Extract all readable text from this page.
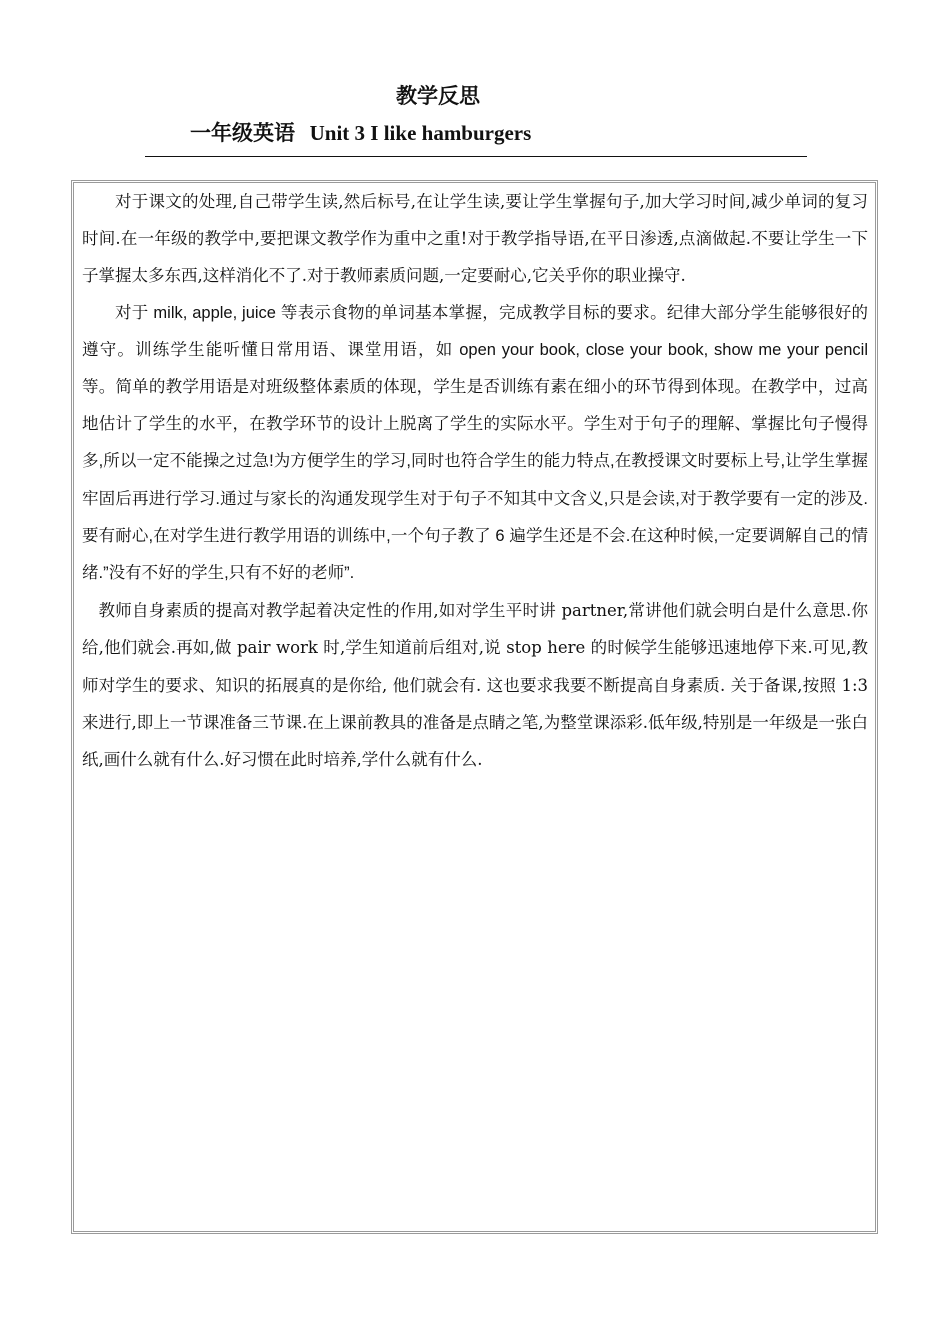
教学反思
一年级英语 Unit 3 I like hamburgers

对于课文的处理,自己带学生读,然后标号,在让学生读,要让学生掌握句子,加大学习时间,减少单词的复习时间.在一年级的教学中,要把课文教学作为重中之重!对于教学指导语,在平日渗透,点滴做起.不要让学生一下子掌握太多东西,这样消化不了.对于教师素质问题,一定要耐心,它关乎你的职业操守.

对于 milk, apple, juice 等表示食物的单词基本掌握，完成教学目标的要求。纪律大部分学生能够很好的遵守。训练学生能听懂日常用语、课堂用语，如 open your book, close your book, show me your pencil 等。简单的教学用语是对班级整体素质的体现，学生是否训练有素在细小的环节得到体现。在教学中，过高地估计了学生的水平，在教学环节的设计上脱离了学生的实际水平。学生对于句子的理解、掌握比句子慢得多,所以一定不能操之过急!为方便学生的学习,同时也符合学生的能力特点,在教授课文时要标上号,让学生掌握牢固后再进行学习.通过与家长的沟通发现学生对于句子不知其中文含义,只是会读,对于教学要有一定的涉及.要有耐心,在对学生进行教学用语的训练中,一个句子教了 6 遍学生还是不会.在这种时候,一定要调解自己的情绪.”没有不好的学生,只有不好的老师”.

教师自身素质的提高对教学起着决定性的作用,如对学生平时讲 partner,常讲他们就会明白是什么意思.你给,他们就会.再如,做 pair work 时,学生知道前后组对,说 stop here 的时候学生能够迅速地停下来.可见,教师对学生的要求、知识的拓展真的是你给, 他们就会有. 这也要求我要不断提高自身素质. 关于备课,按照 1:3 来进行,即上一节课准备三节课.在上课前教具的准备是点睛之笔,为整堂课添彩.低年级,特别是一年级是一张白纸,画什么就有什么.好习惯在此时培养,学什么就有什么.
